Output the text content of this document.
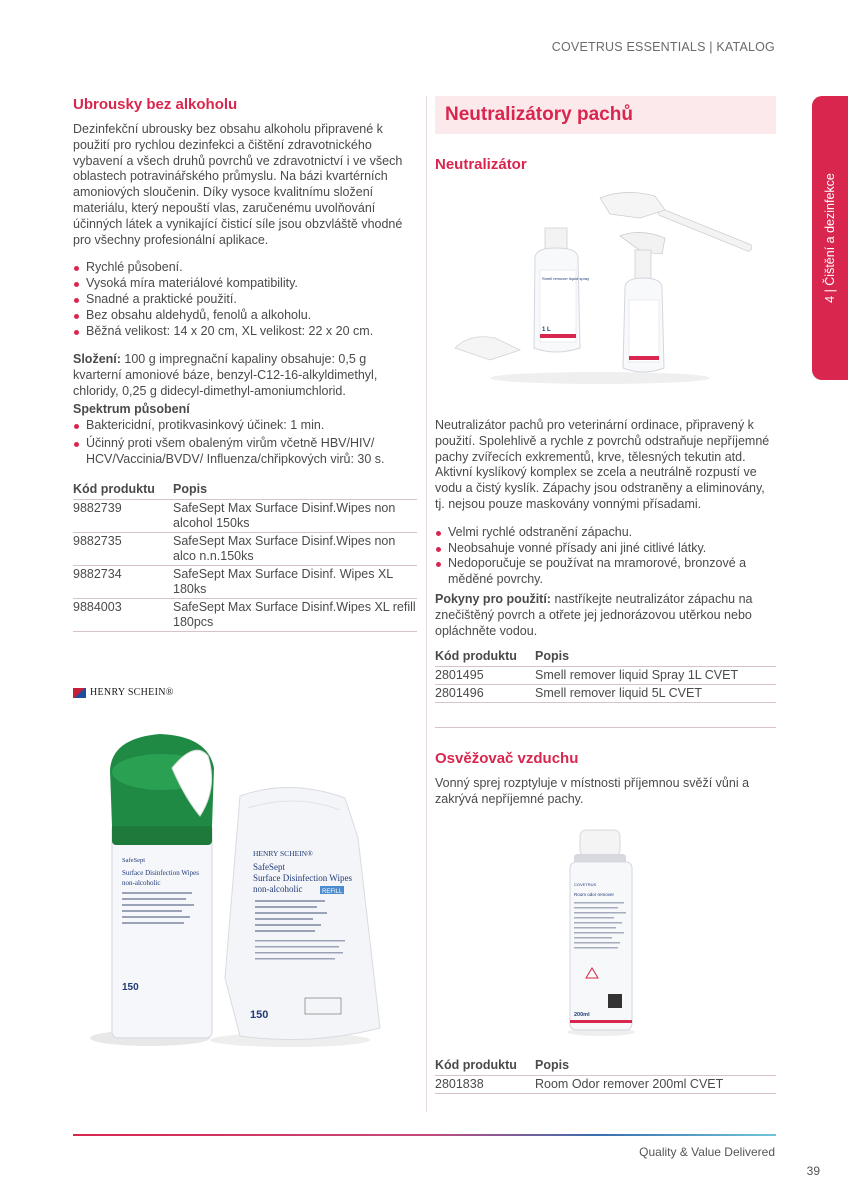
COVETRUS ESSENTIALS | KATALOG
4 | Čištění a dezinfekce
Ubrousky bez alkoholu

Dezinfekční ubrousky bez obsahu alkoholu připravené k použití pro rychlou dezinfekci a čištění zdravotnického vybavení a všech druhů povrchů ve zdravotnictví i ve všech oblastech potravinářského průmyslu. Na bázi kvartérních amoniových sloučenin. Díky vysoce kvalitnímu složení materiálu, který nepouští vlas, zaručenému uvolňování účinných látek a vynikající čisticí síle jsou obzvláště vhodné pro všechny profesionální aplikace.

Rychlé působení.
Vysoká míra materiálové kompatibility.
Snadné a praktické použití.
Bez obsahu aldehydů, fenolů a alkoholu.
Běžná velikost: 14 x 20 cm, XL velikost: 22 x 20 cm.

Složení: 100 g impregnační kapaliny obsahuje: 0,5 g kvarterní amoniové báze, benzyl-C12-16-alkyldimethyl, chloridy, 0,25 g didecyl-dimethyl-amoniumchlorid.

Spektrum působení

Baktericidní, protikvasinkový účinek: 1 min.
Účinný proti všem obaleným virům včetně HBV/HIV/ HCV/Vaccinia/BVDV/ Influenza/chřipkových virů: 30 s.
Kód produktu	Popis
9882739	SafeSept Max Surface Disinf.Wipes non alcohol 150ks
9882735	SafeSept Max Surface Disinf.Wipes non alco n.n.150ks
9882734	SafeSept Max Surface Disinf. Wipes XL 180ks
9884003	SafeSept Max Surface Disinf.Wipes XL refill 180pcs
HENRY SCHEIN®
HENRY SCHEIN®
SafeSept
Surface Disinfection Wipes
non-alcoholic	REFILL
150
SafeSept
Surface Disinfection Wipes
non-alcoholic
150
Neutralizátory pachů
Neutralizátor
Smell remover liquid spray
1 L

Neutralizátor pachů pro veterinární ordinace, připravený k použití. Spolehlivě a rychle z povrchů odstraňuje nepříjemné pachy zvířecích exkrementů, krve, tělesných tekutin atd. Aktivní kyslíkový komplex se zcela a neutrálně rozpustí ve vodu a čistý kyslík. Zápachy jsou odstraněny a eliminovány, tj. nejsou pouze maskovány vonnými přísadami.

Velmi rychlé odstranění zápachu.
Neobsahuje vonné přísady ani jiné citlivé látky.
Nedoporučuje se používat na mramorové, bronzové a měděné povrchy.

Pokyny pro použití: nastříkejte neutralizátor zápachu na znečištěný povrch a otřete jej jednorázovou utěrkou nebo opláchněte vodou.

Kód produktu	Popis
2801495	Smell remover liquid Spray 1L CVET
2801496	Smell remover liquid 5L CVET
Osvěžovač vzduchu

Vonný sprej rozptyluje v místnosti příjemnou svěží vůni a zakrývá nepříjemné pachy.

COVETRUS
Room odor remover
200ml
Kód produktu	Popis
2801838	Room Odor remover 200ml CVET
Quality & Value Delivered
39
